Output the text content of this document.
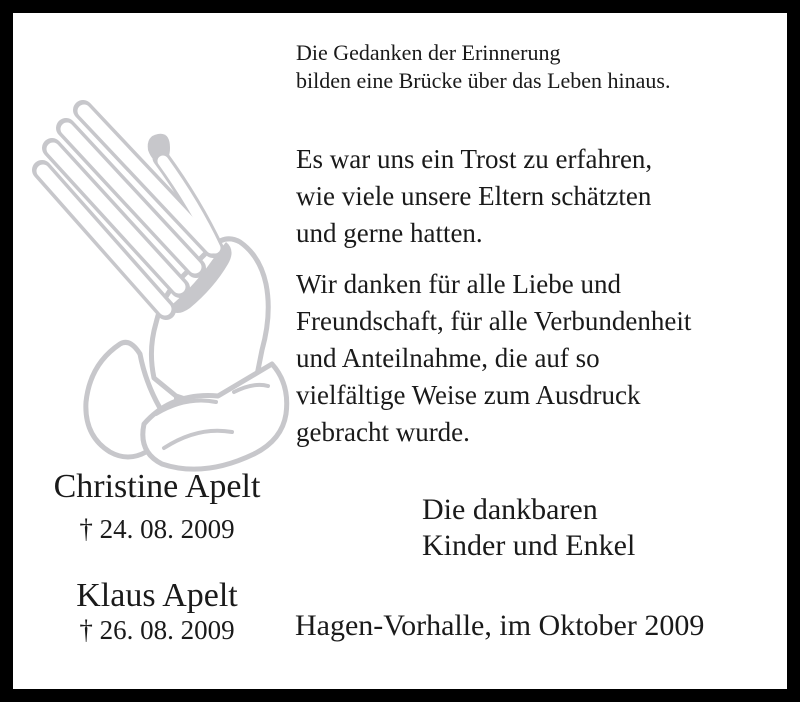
Die Gedanken der Erinnerung
bilden eine Brücke über das Leben hinaus.
Es war uns ein Trost zu erfahren,
wie viele unsere Eltern schätzten
und gerne hatten.
Wir danken für alle Liebe und
Freundschaft, für alle Verbundenheit
und Anteilnahme, die auf so
vielfältige Weise zum Ausdruck
gebracht wurde.
Christine Apelt
† 24. 08. 2009
Klaus Apelt
† 26. 08. 2009
Die dankbaren
Kinder und Enkel
Hagen-Vorhalle, im Oktober 2009
